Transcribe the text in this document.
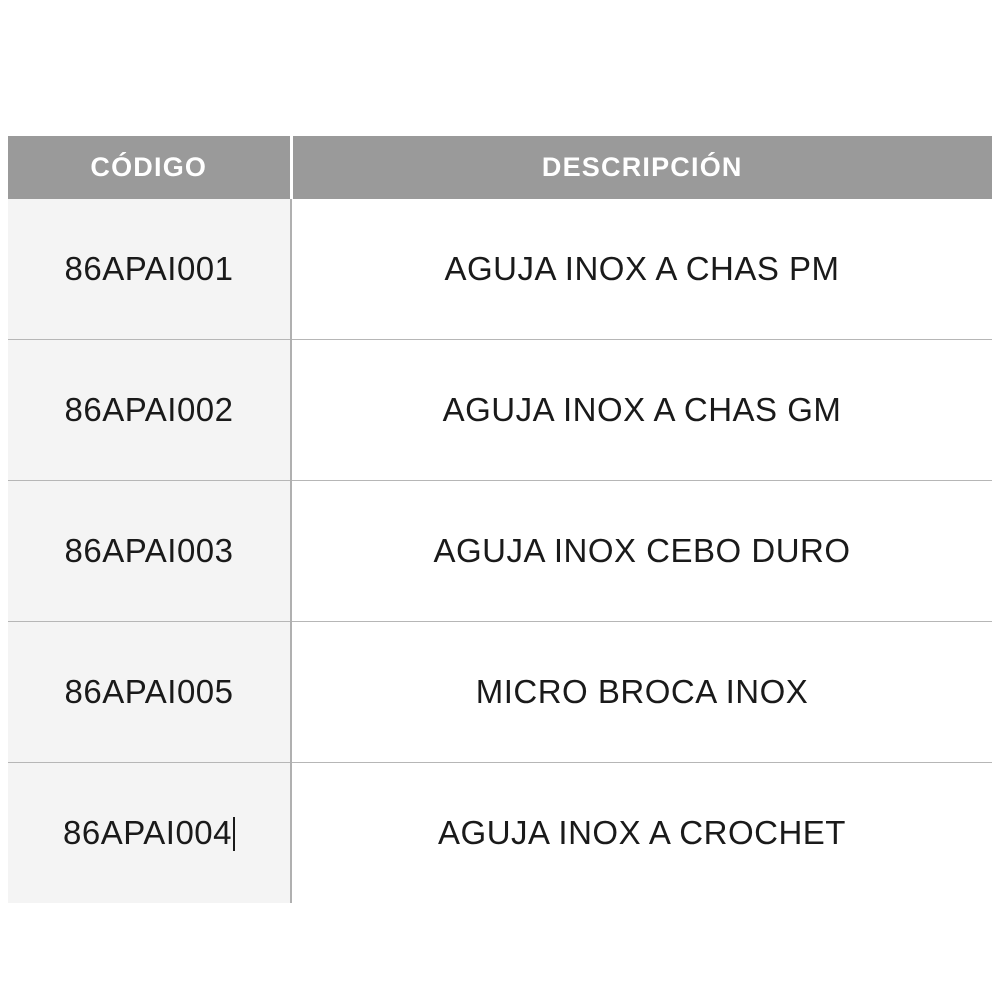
CÓDIGO	DESCRIPCIÓN
86APAI001	AGUJA INOX A CHAS PM
86APAI002	AGUJA INOX A CHAS GM
86APAI003	AGUJA INOX CEBO DURO
86APAI005	MICRO BROCA INOX
86APAI004	AGUJA INOX A CROCHET
